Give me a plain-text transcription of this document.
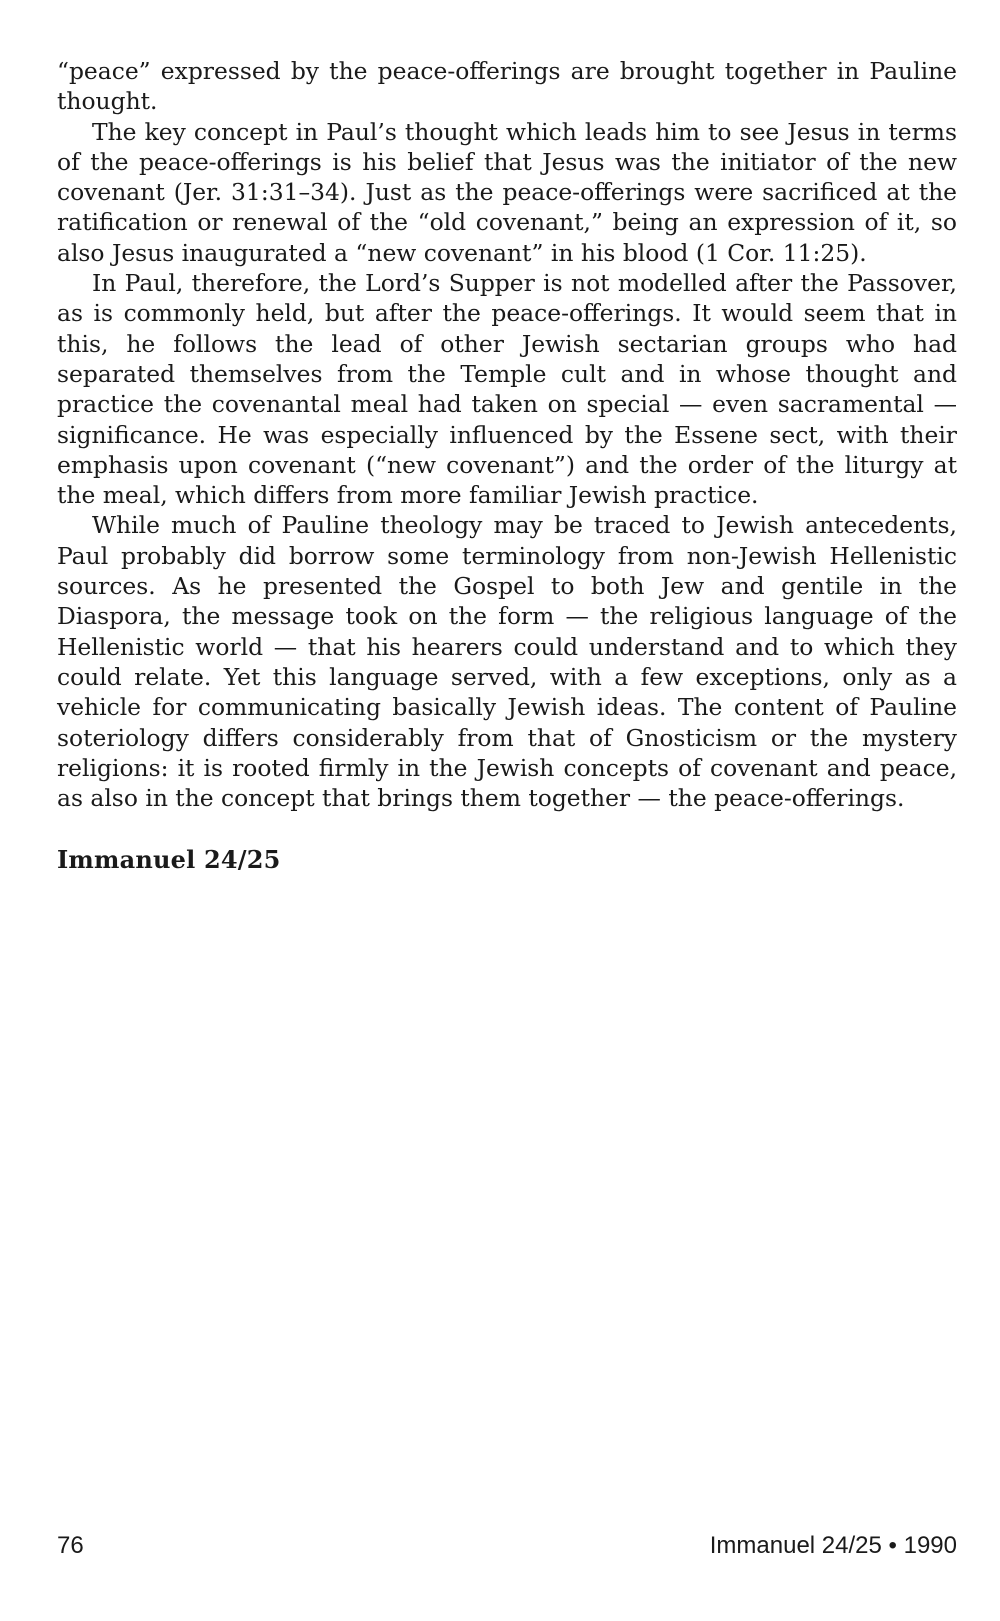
“peace” expressed by the peace-offerings are brought together in Pauline thought.

The key concept in Paul’s thought which leads him to see Jesus in terms of the peace-offerings is his belief that Jesus was the initiator of the new covenant (Jer. 31:31–34). Just as the peace-offerings were sacrificed at the ratification or renewal of the “old covenant,” being an expression of it, so also Jesus inaugurated a “new covenant” in his blood (1 Cor. 11:25).

In Paul, therefore, the Lord’s Supper is not modelled after the Passover, as is commonly held, but after the peace-offerings. It would seem that in this, he follows the lead of other Jewish sectarian groups who had separated themselves from the Temple cult and in whose thought and practice the covenantal meal had taken on special — even sacramental — significance. He was especially influenced by the Essene sect, with their emphasis upon covenant (“new covenant”) and the order of the liturgy at the meal, which differs from more familiar Jewish practice.

While much of Pauline theology may be traced to Jewish antecedents, Paul probably did borrow some terminology from non-Jewish Hellenistic sources. As he presented the Gospel to both Jew and gentile in the Diaspora, the message took on the form — the religious language of the Hellenistic world — that his hearers could understand and to which they could relate. Yet this language served, with a few exceptions, only as a vehicle for communicating basically Jewish ideas. The content of Pauline soteriology differs considerably from that of Gnosticism or the mystery religions: it is rooted firmly in the Jewish concepts of covenant and peace, as also in the concept that brings them together — the peace-offerings.

Immanuel 24/25
76	Immanuel 24/25 • 1990
